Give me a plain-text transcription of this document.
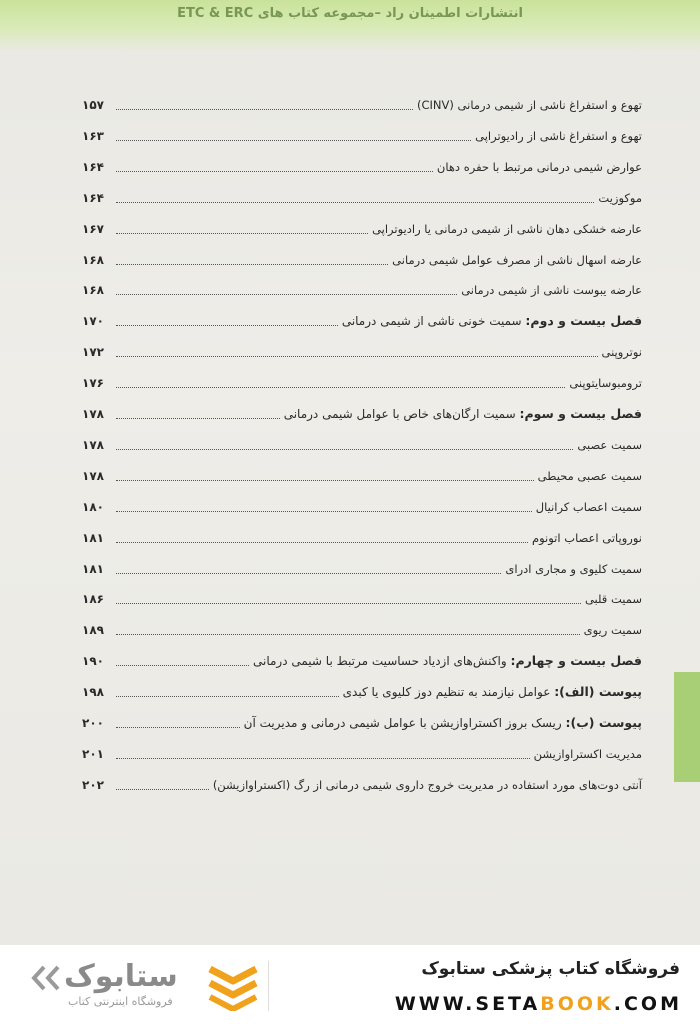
انتشارات اطمینان راد –مجموعه کتاب های ETC & ERC
تهوع و استفراغ ناشی از شیمی درمانی (CINV)
۱۵۷
تهوع و استفراغ ناشی از رادیوتراپی
۱۶۳
عوارض شیمی درمانی مرتبط با حفره دهان
۱۶۴
موکوزیت
۱۶۴
عارضه خشکی دهان ناشی از شیمی درمانی یا رادیوتراپی
۱۶۷
عارضه اسهال ناشی از مصرف عوامل شیمی درمانی
۱۶۸
عارضه یبوست ناشی از شیمی درمانی
۱۶۸
فصل بیست و دوم: سمیت خونی ناشی از شیمی درمانی
۱۷۰
نوتروپنی
۱۷۲
ترومبوسایتوپنی
۱۷۶
فصل بیست و سوم: سمیت ارگان‌های خاص با عوامل شیمی درمانی
۱۷۸
سمیت عصبی
۱۷۸
سمیت عصبی محیطی
۱۷۸
سمیت اعصاب کرانیال
۱۸۰
نوروپاتی اعصاب اتونوم
۱۸۱
سمیت کلیوی و مجاری ادرای
۱۸۱
سمیت قلبی
۱۸۶
سمیت ریوی
۱۸۹
فصل بیست و چهارم: واکنش‌های ازدیاد حساسیت مرتبط با شیمی درمانی
۱۹۰
پیوست (الف): عوامل نیازمند به تنظیم دوز کلیوی یا کبدی
۱۹۸
پیوست (ب): ریسک بروز اکستراوازیشن با عوامل شیمی درمانی و مدیریت آن
۲۰۰
مدیریت اکستراوازیشن
۲۰۱
آنتی دوت‌های مورد استفاده در مدیریت خروج داروی شیمی درمانی از رگ (اکستراوازیشن)
۲۰۲
فروشگاه کتاب پزشکی ستابوک
WWW.SETABOOK.COM
ستابوک
فروشگاه اینترنتی کتاب
